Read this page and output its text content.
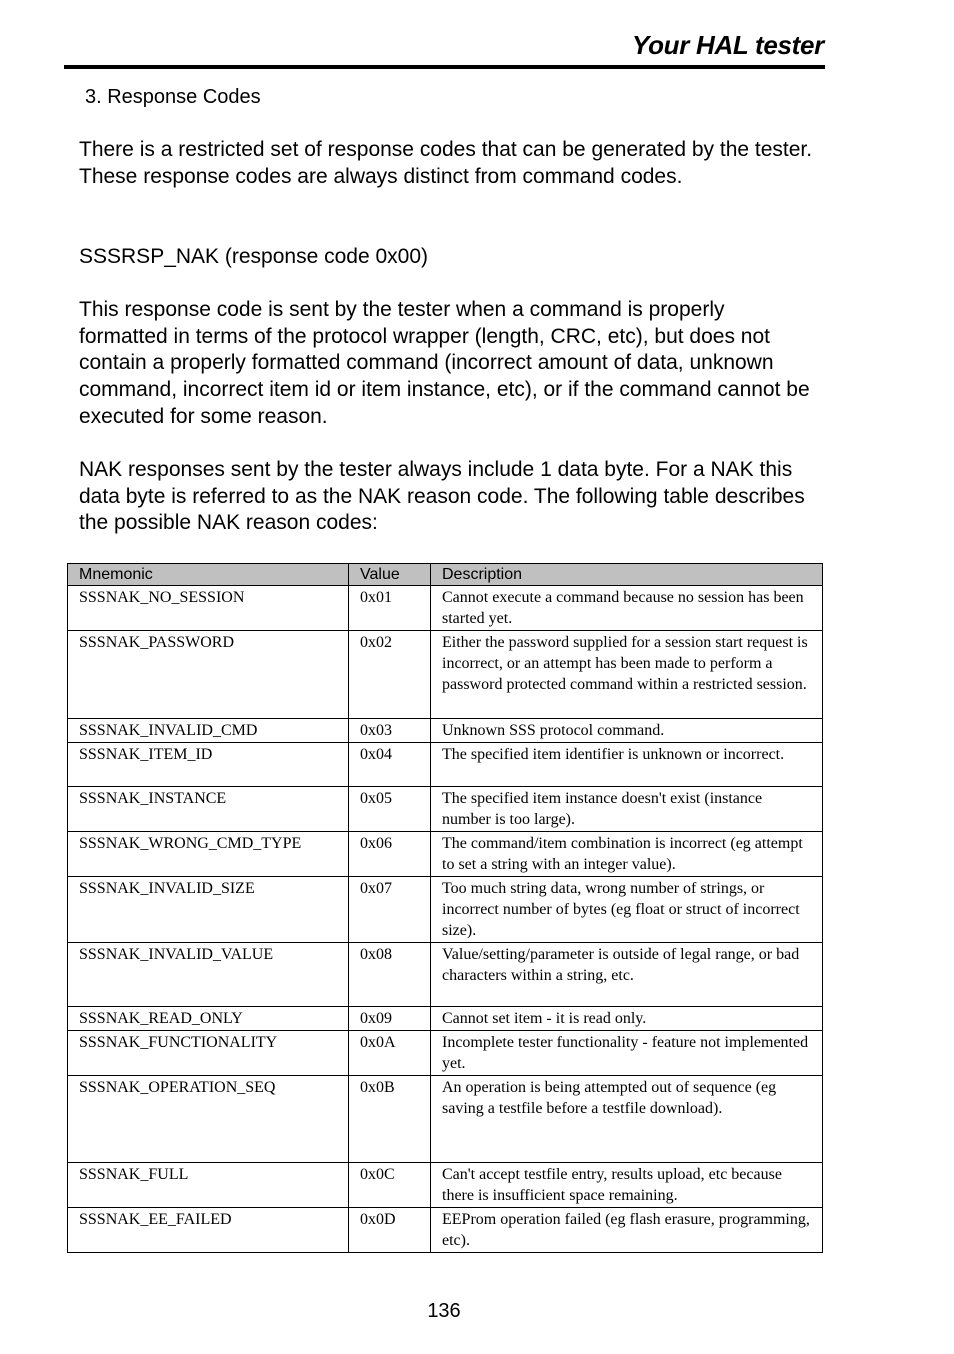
Your HAL tester
3. Response Codes

There is a restricted set of response codes that can be generated by the tester. These response codes are always distinct from command codes.

SSSRSP_NAK (response code 0x00)

This response code is sent by the tester when a command is properly formatted in terms of the protocol wrapper (length, CRC, etc), but does not contain a properly formatted command (incorrect amount of data, unknown command, incorrect item id or item instance, etc), or if the command cannot be executed for some reason.

NAK responses sent by the tester always include 1 data byte. For a NAK this data byte is referred to as the NAK reason code. The following table describes the possible NAK reason codes:

Mnemonic	Value	Description
SSSNAK_NO_SESSION	0x01	Cannot execute a command because no session has been started yet.
SSSNAK_PASSWORD	0x02	Either the password supplied for a session start request is incorrect, or an attempt has been made to perform a password protected command within a restricted session.
SSSNAK_INVALID_CMD	0x03	Unknown SSS protocol command.
SSSNAK_ITEM_ID	0x04	The specified item identifier is unknown or incorrect.
SSSNAK_INSTANCE	0x05	The specified item instance doesn't exist (instance number is too large).
SSSNAK_WRONG_CMD_TYPE	0x06	The command/item combination is incorrect (eg attempt to set a string with an integer value).
SSSNAK_INVALID_SIZE	0x07	Too much string data, wrong number of strings, or incorrect number of bytes (eg float or struct of incorrect size).
SSSNAK_INVALID_VALUE	0x08	Value/setting/parameter is outside of legal range, or bad characters within a string, etc.
SSSNAK_READ_ONLY	0x09	Cannot set item - it is read only.
SSSNAK_FUNCTIONALITY	0x0A	Incomplete tester functionality - feature not implemented yet.
SSSNAK_OPERATION_SEQ	0x0B	An operation is being attempted out of sequence (eg saving a testfile before a testfile download).
SSSNAK_FULL	0x0C	Can't accept testfile entry, results upload, etc because there is insufficient space remaining.
SSSNAK_EE_FAILED	0x0D	EEProm operation failed (eg flash erasure, programming, etc).
136
